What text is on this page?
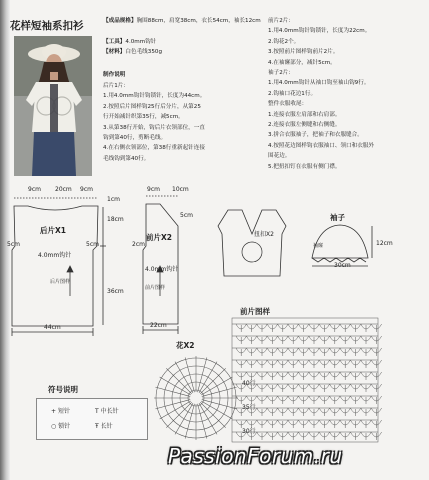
花样短袖系扣衫	【成品规格】胸围88cm，肩宽38cm，衣长54cm，袖长12cm
【工具】4.0mm钩针
【材料】白色毛线350g
制作说明
后片1片：
1.用4.0mm钩针钩锁针，长度为44cm。
2.按照后片图样钩25行后分片，从第25
行开始减针织第35行，减5cm。
3.从第38行开始，钩后片衣领部位，一直
钩到第40行，剪断毛线。
4.在右侧衣领部位，第38行重新起针连接
毛线钩到第40行。
前片2片：
1.用4.0mm钩针钩锁针，长度为22cm。
2.钩花2个。
3.按照前片图样钩前片2片。
4.在袖窿部分，减针5cm。
袖子2片：
1.用4.0mm钩针从袖口钩至袖山钩9行。
2.钩袖口花边1行。
整件衣服收尾：
1.连接衣服左肩部和右肩部。
2.连接衣服左侧缝和右侧缝。
3.拼合衣服袖子，把袖子和衣服缝合。
4.按照花边图样钩衣服袖口、领口和衣服外
围花边。
5.把扭扣钉在衣服有侧门襟。
后片X1
4.0mm钩针
后片图样
9cm 20cm 9cm
1cm
5cm	5cm
18cm
36cm
44cm
前片X2
4.0mm钩针
前片图样
9cm 10cm
5cm
2cm
22cm
扭扣X2
袖子
袖窿	12cm
30cm
前片图样
花X2
40行
35行
30行
符号说明
+ 短针	T 中长针
○ 锁针	Ŧ 长针
PassionForum.ru
